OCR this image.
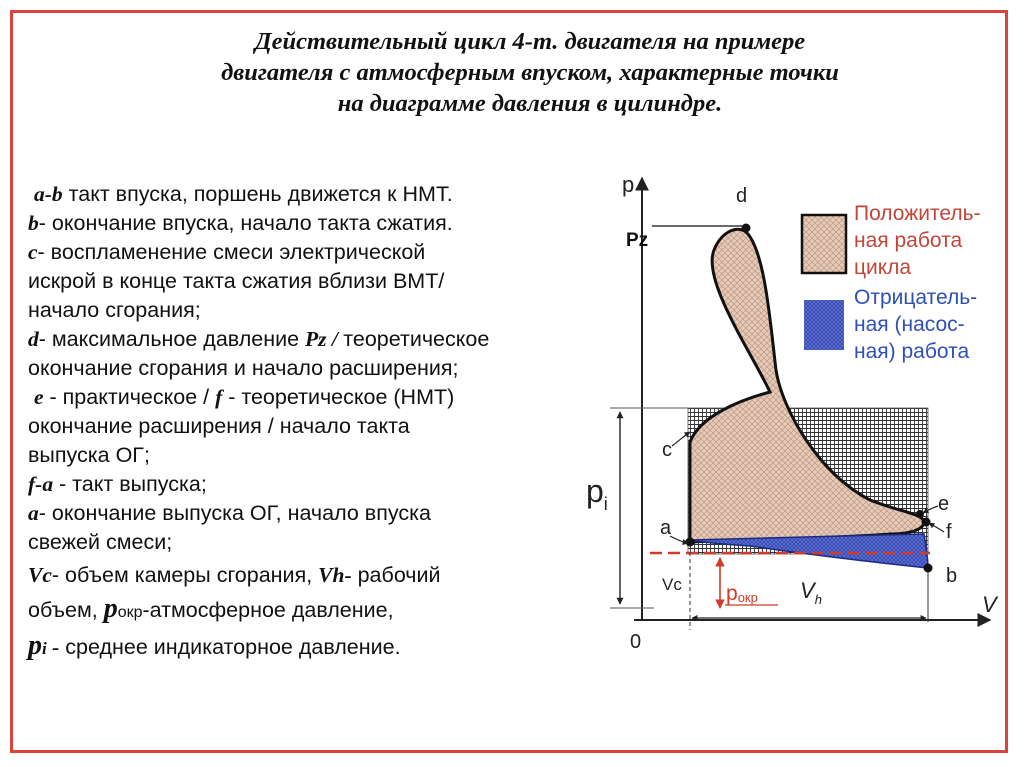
Действительный цикл 4-т. двигателя на примере
двигателя с атмосферным впуском, характерные точки
на диаграмме давления в цилиндре.
a-b такт впуска, поршень движется к НМТ.
b- окончание впуска, начало такта сжатия.
c- воспламенение смеси электрической
искрой в конце такта сжатия вблизи ВМТ/
начало сгорания;
d- максимальное давление Pz / теоретическое
окончание сгорания и начало расширения;
e - практическое / f - теоретическое (НМТ)
окончание расширения / начало такта
выпуска ОГ;
f-a - такт выпуска;
a- окончание выпуска ОГ, начало впуска
свежей смеси;
Vc- объем камеры сгорания, Vh- рабочий
объем, pокр-атмосферное давление,
pi - среднее индикаторное давление.
p
V
0
Pz
$p_i$
Vc	$V_h$
pокр
d
a
c
e
f
b
Положитель-
ная работа
цикла
Отрицатель-
ная (насос-
ная) работа
